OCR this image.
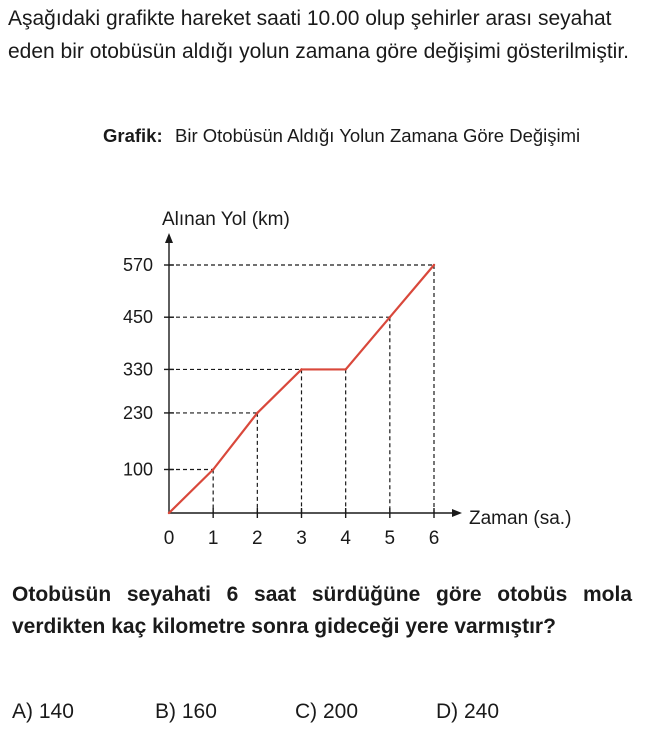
Aşağıdaki grafikte hareket saati 10.00 olup şehirler arası seyahat eden bir otobüsün aldığı yolun zamana göre değişimi gösterilmiştir.
Grafik: Bir Otobüsün Aldığı Yolun Zamana Göre Değişimi
100
230
330
450
570
0 1 2 3 4 5 6
Alınan Yol (km)
Zaman (sa.)
Otobüsün seyahati 6 saat sürdüğüne göre otobüs mola verdikten kaç kilometre sonra gideceği yere varmıştır?
A) 140	B) 160	C) 200	D) 240
